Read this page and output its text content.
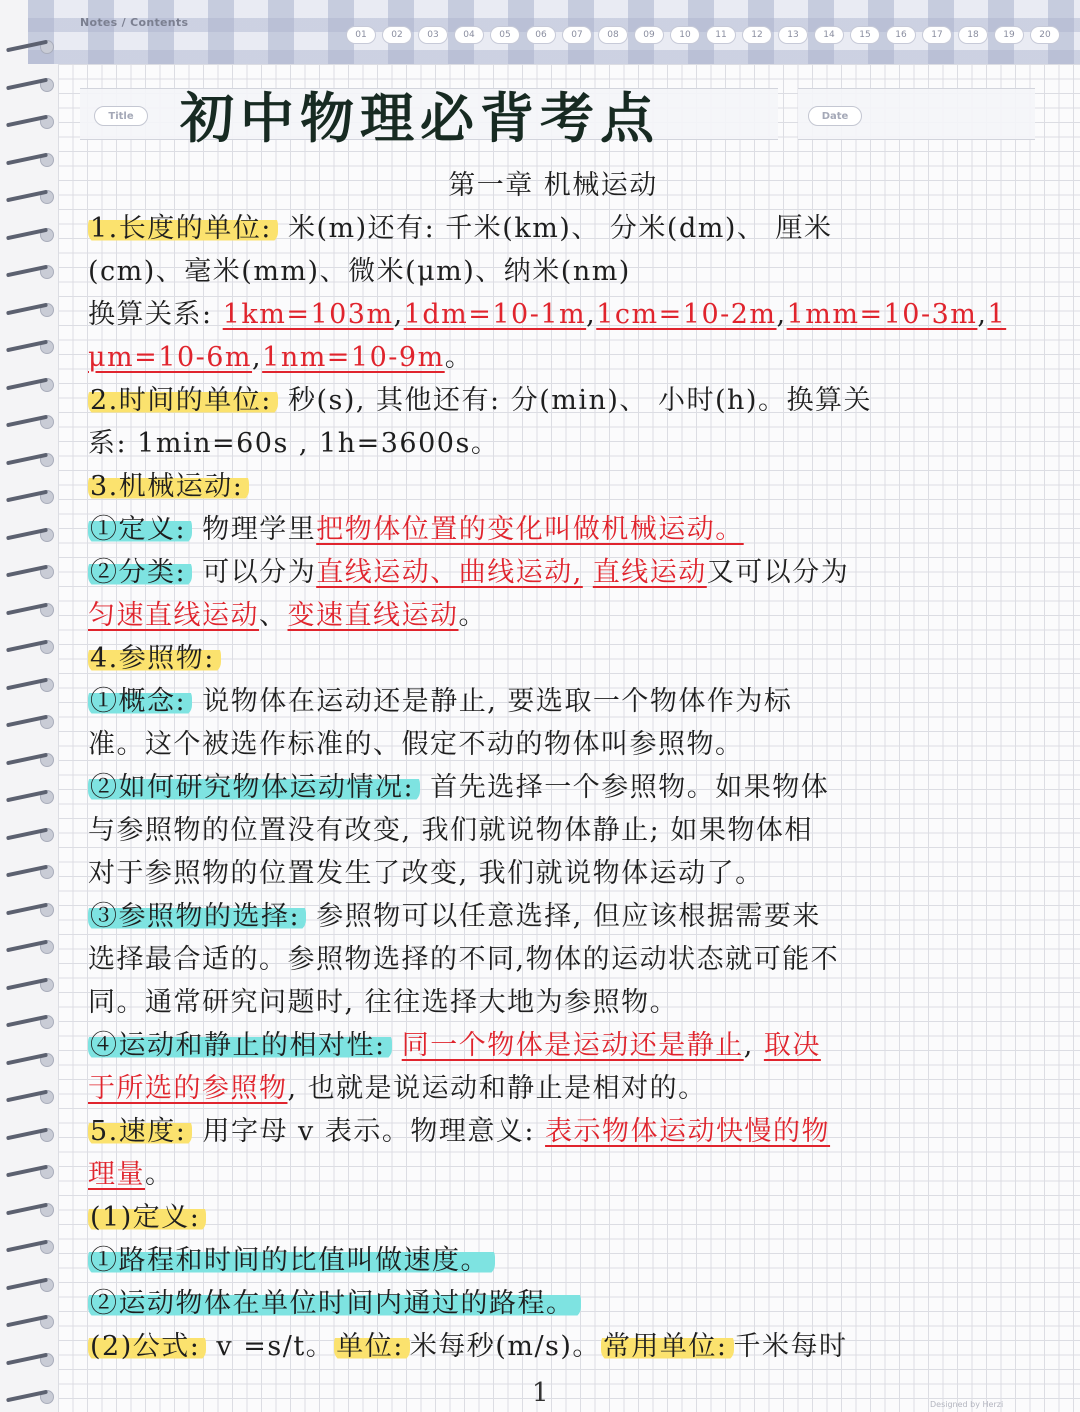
Notes / Contents
01	02	03	04	05	06	07	08	09	10	11	12	13	14	15	16	17	18	19	20
Title	Date
初中物理必背考点
第一章 机械运动
1.长度的单位: 米(m)还有: 千米(km)、 分米(dm)、 厘米
(cm)、毫米(mm)、微米(μm)、纳米(nm)
换算关系: 1km=103m,1dm=10-1m,1cm=10-2m,1mm=10-3m,1
μm=10-6m,1nm=10-9m。
2.时间的单位: 秒(s), 其他还有: 分(min)、 小时(h)。换算关
系: 1min=60s , 1h=3600s。
3.机械运动:
①定义: 物理学里把物体位置的变化叫做机械运动。
②分类: 可以分为直线运动、曲线运动, 直线运动又可以分为
匀速直线运动、变速直线运动。
4.参照物:
①概念: 说物体在运动还是静止, 要选取一个物体作为标
准。这个被选作标准的、假定不动的物体叫参照物。
②如何研究物体运动情况: 首先选择一个参照物。如果物体
与参照物的位置没有改变, 我们就说物体静止; 如果物体相
对于参照物的位置发生了改变, 我们就说物体运动了。
③参照物的选择: 参照物可以任意选择, 但应该根据需要来
选择最合适的。参照物选择的不同,物体的运动状态就可能不
同。通常研究问题时, 往往选择大地为参照物。
④运动和静止的相对性: 同一个物体是运动还是静止, 取决
于所选的参照物, 也就是说运动和静止是相对的。
5.速度: 用字母 v 表示。物理意义: 表示物体运动快慢的物
理量。
(1)定义:
①路程和时间的比值叫做速度。
②运动物体在单位时间内通过的路程。
(2)公式: v =s/t。单位: 米每秒(m/s)。常用单位: 千米每时
1	Designed by Herzi
